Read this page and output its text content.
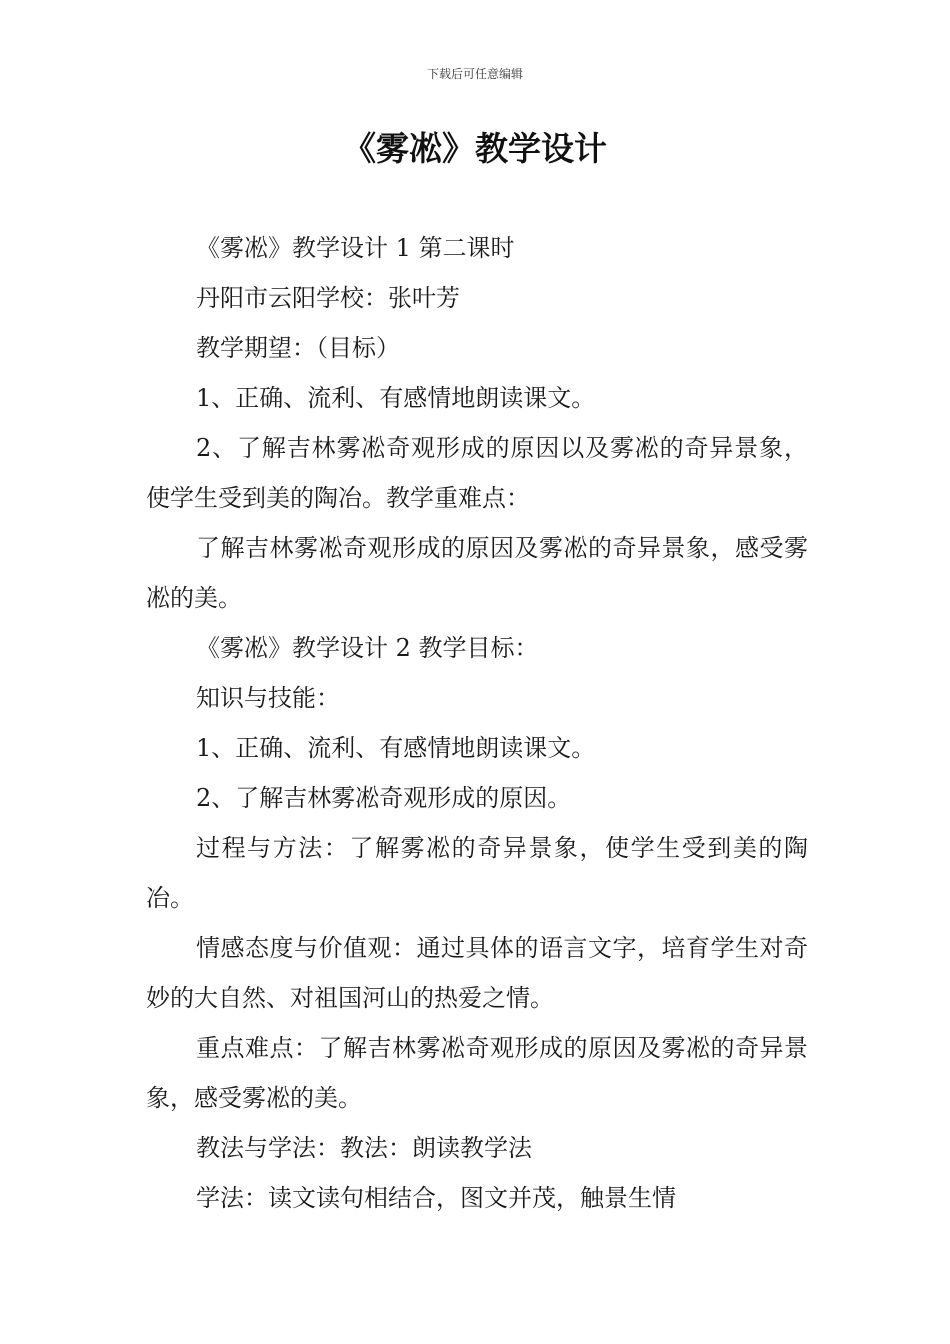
下载后可任意编辑
《雾凇》教学设计

《雾凇》教学设计 1 第二课时

丹阳市云阳学校：张叶芳

教学期望：（目标）

1、正确、流利、有感情地朗读课文。

2、了解吉林雾凇奇观形成的原因以及雾凇的奇异景象，使学生受到美的陶冶。教学重难点：

了解吉林雾凇奇观形成的原因及雾凇的奇异景象，感受雾凇的美。

《雾凇》教学设计 2 教学目标：

知识与技能：

1、正确、流利、有感情地朗读课文。

2、了解吉林雾凇奇观形成的原因。

过程与方法：了解雾凇的奇异景象，使学生受到美的陶冶。

情感态度与价值观：通过具体的语言文字，培育学生对奇妙的大自然、对祖国河山的热爱之情。

重点难点：了解吉林雾凇奇观形成的原因及雾凇的奇异景象，感受雾凇的美。

教法与学法：教法：朗读教学法

学法：读文读句相结合，图文并茂，触景生情
